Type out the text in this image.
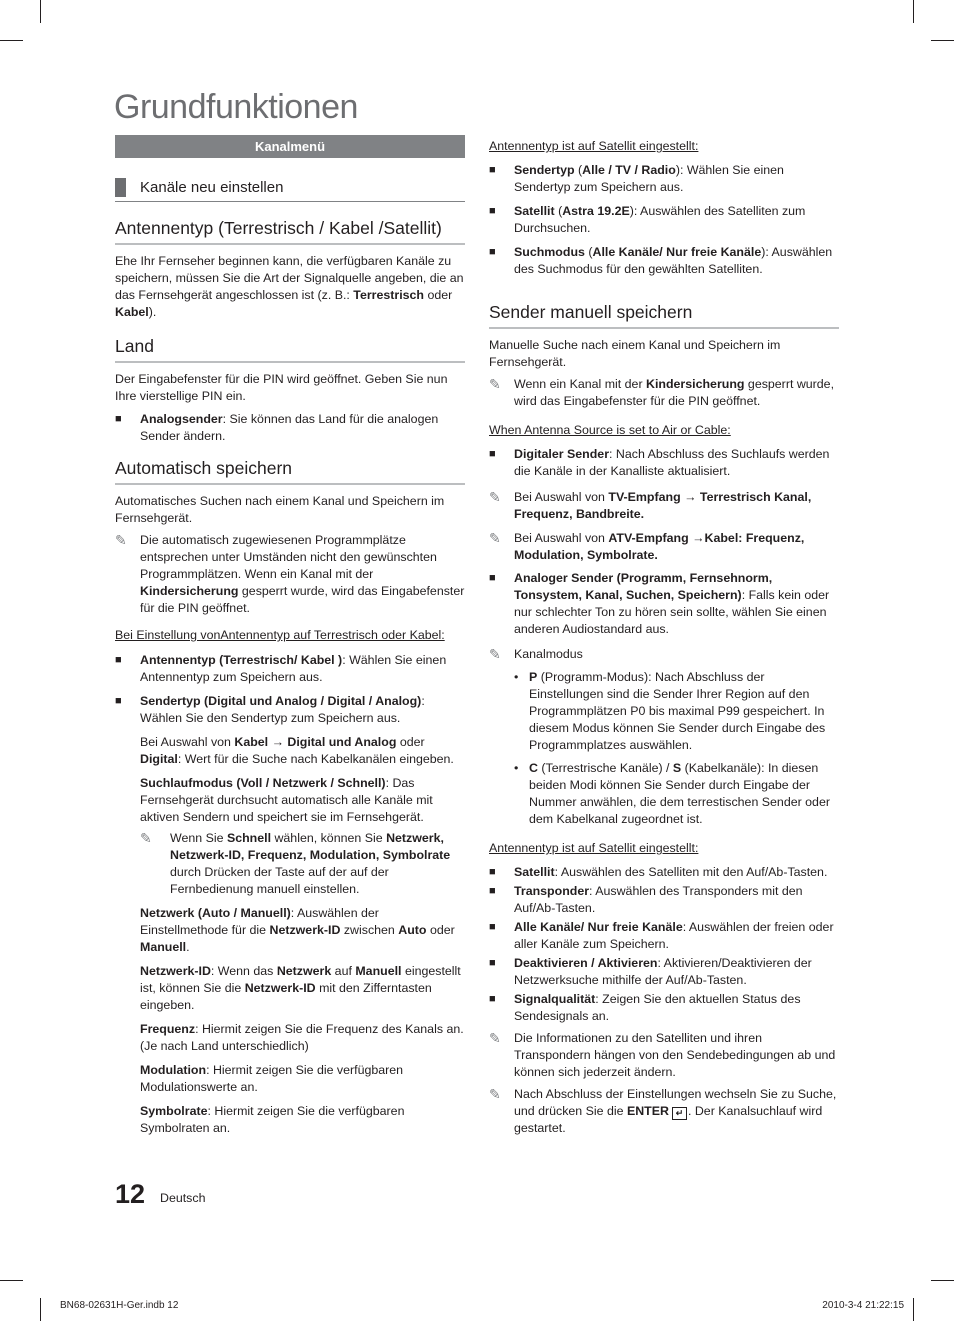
Grundfunktionen
Kanalmenü
Kanäle neu einstellen
Antennentyp (Terrestrisch / Kabel /Satellit)

Ehe Ihr Fernseher beginnen kann, die verfügbaren Kanäle zu speichern, müssen Sie die Art der Signalquelle angeben, die an das Fernsehgerät angeschlossen ist (z. B.: Terrestrisch oder Kabel).

Land

Der Eingabefenster für die PIN wird geöffnet. Geben Sie nun Ihre vierstellige PIN ein.

■	Analogsender: Sie können das Land für die analogen Sender ändern.
Automatisch speichern

Automatisches Suchen nach einem Kanal und Speichern im Fernsehgerät.

✎	Die automatisch zugewiesenen Programmplätze entsprechen unter Umständen nicht den gewünschten Programmplätzen. Wenn ein Kanal mit der Kindersicherung gesperrt wurde, wird das Eingabefenster für die PIN geöffnet.

Bei Einstellung vonAntennentyp auf Terrestrisch oder Kabel:

■	Antennentyp (Terrestrisch/ Kabel ): Wählen Sie einen Antennentyp zum Speichern aus.
■	Sendertyp (Digital und Analog / Digital / Analog): Wählen Sie den Sendertyp zum Speichern aus.

Bei Auswahl von Kabel → Digital und Analog oder Digital: Wert für die Suche nach Kabelkanälen eingeben.

Suchlaufmodus (Voll / Netzwerk / Schnell): Das Fernsehgerät durchsucht automatisch alle Kanäle mit aktiven Sendern und speichert sie im Fernsehgerät.

✎	Wenn Sie Schnell wählen, können Sie Netzwerk, Netzwerk-ID, Frequenz, Modulation, Symbolrate durch Drücken der Taste auf der auf der Fernbedienung manuell einstellen.

Netzwerk (Auto / Manuell): Auswählen der Einstellmethode für die Netzwerk-ID zwischen Auto oder Manuell.

Netzwerk-ID: Wenn das Netzwerk auf Manuell eingestellt ist, können Sie die Netzwerk-ID mit den Zifferntasten eingeben.

Frequenz: Hiermit zeigen Sie die Frequenz des Kanals an. (Je nach Land unterschiedlich)

Modulation: Hiermit zeigen Sie die verfügbaren Modulationswerte an.

Symbolrate: Hiermit zeigen Sie die verfügbaren Symbolraten an.

Antennentyp ist auf Satellit eingestellt:

■	Sendertyp (Alle / TV / Radio): Wählen Sie einen Sendertyp zum Speichern aus.
■	Satellit (Astra 19.2E): Auswählen des Satelliten zum Durchsuchen.
■	Suchmodus (Alle Kanäle/ Nur freie Kanäle): Auswählen des Suchmodus für den gewählten Satelliten.
Sender manuell speichern

Manuelle Suche nach einem Kanal und Speichern im Fernsehgerät.

✎	Wenn ein Kanal mit der Kindersicherung gesperrt wurde, wird das Eingabefenster für die PIN geöffnet.

When Antenna Source is set to Air or Cable:

■	Digitaler Sender: Nach Abschluss des Suchlaufs werden die Kanäle in der Kanalliste aktualisiert.
✎	Bei Auswahl von TV-Empfang → Terrestrisch Kanal, Frequenz, Bandbreite.
✎	Bei Auswahl von ATV-Empfang →Kabel: Frequenz, Modulation, Symbolrate.
■	Analoger Sender (Programm, Fernsehnorm, Tonsystem, Kanal, Suchen, Speichern): Falls kein oder nur schlechter Ton zu hören sein sollte, wählen Sie einen anderen Audiostandard aus.
✎	Kanalmodus
• P (Programm-Modus): Nach Abschluss der Einstellungen sind die Sender Ihrer Region auf den Programmplätzen P0 bis maximal P99 gespeichert. In diesem Modus können Sie Sender durch Eingabe des Programmplatzes auswählen.
• C (Terrestrische Kanäle) / S (Kabelkanäle): In diesen beiden Modi können Sie Sender durch Eingabe der Nummer anwählen, die dem terrestischen Sender oder dem Kabelkanal zugeordnet ist.

Antennentyp ist auf Satellit eingestellt:

■	Satellit: Auswählen des Satelliten mit den Auf/Ab-Tasten.
■	Transponder: Auswählen des Transponders mit den Auf/Ab-Tasten.
■	Alle Kanäle/ Nur freie Kanäle: Auswählen der freien oder aller Kanäle zum Speichern.
■	Deaktivieren / Aktivieren: Aktivieren/Deaktivieren der Netzwerksuche mithilfe der Auf/Ab-Tasten.
■	Signalqualität: Zeigen Sie den aktuellen Status des Sendesignals an.
✎	Die Informationen zu den Satelliten und ihren Transpondern hängen von den Sendebedingungen ab und können sich jederzeit ändern.
✎	Nach Abschluss der Einstellungen wechseln Sie zu Suche, und drücken Sie die ENTER ↵ . Der Kanalsuchlauf wird gestartet.
12 Deutsch
BN68-02631H-Ger.indb 12	2010-3-4 21:22:15
